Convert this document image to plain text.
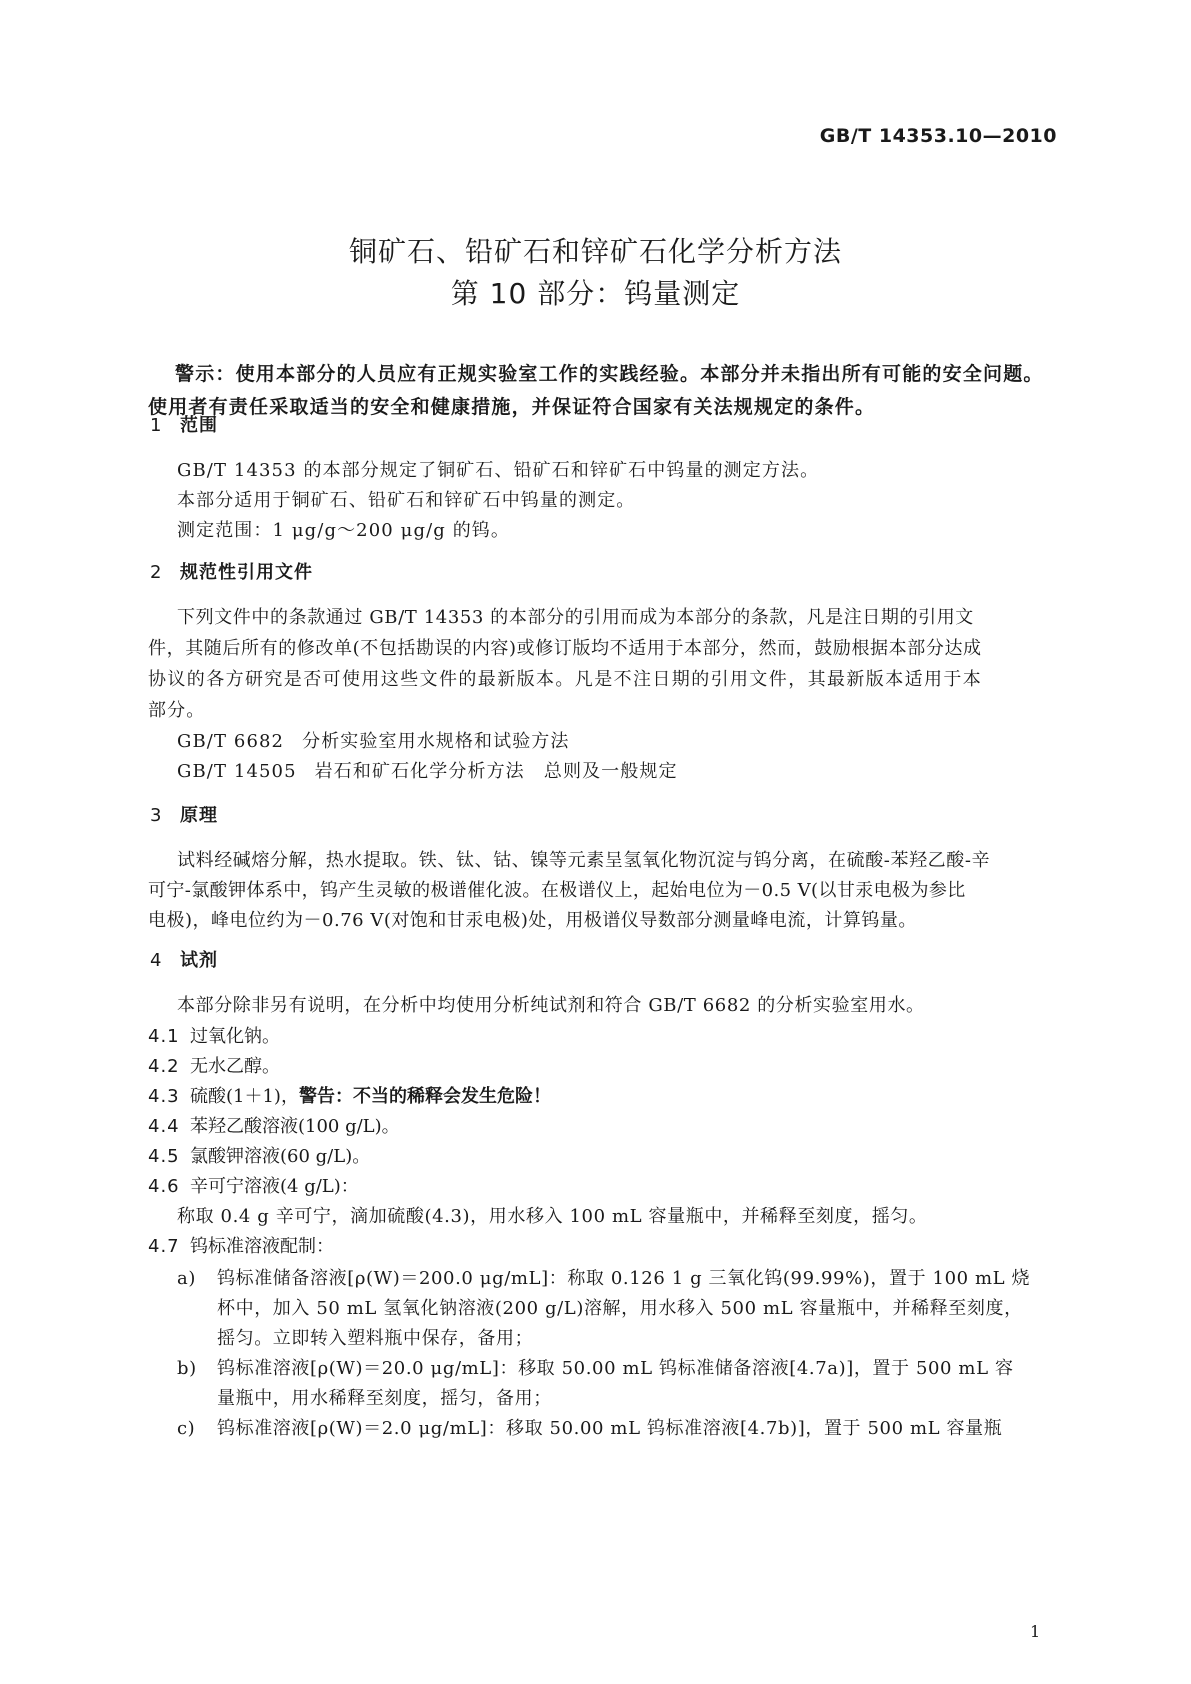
GB/T 14353.10—2010
铜矿石、铅矿石和锌矿石化学分析方法
第 10 部分：钨量测定
警示：使用本部分的人员应有正规实验室工作的实践经验。本部分并未指出所有可能的安全问题。
使用者有责任采取适当的安全和健康措施，并保证符合国家有关法规规定的条件。
1 范围
GB/T 14353 的本部分规定了铜矿石、铅矿石和锌矿石中钨量的测定方法。
本部分适用于铜矿石、铅矿石和锌矿石中钨量的测定。
测定范围：1 μg/g～200 μg/g 的钨。
2 规范性引用文件
下列文件中的条款通过 GB/T 14353 的本部分的引用而成为本部分的条款，凡是注日期的引用文
件，其随后所有的修改单(不包括勘误的内容)或修订版均不适用于本部分，然而，鼓励根据本部分达成
协议的各方研究是否可使用这些文件的最新版本。凡是不注日期的引用文件，其最新版本适用于本
部分。
GB/T 6682 分析实验室用水规格和试验方法
GB/T 14505 岩石和矿石化学分析方法　总则及一般规定
3 原理
试料经碱熔分解，热水提取。铁、钛、钴、镍等元素呈氢氧化物沉淀与钨分离，在硫酸-苯羟乙酸-辛
可宁-氯酸钾体系中，钨产生灵敏的极谱催化波。在极谱仪上，起始电位为－0.5 V(以甘汞电极为参比
电极)，峰电位约为－0.76 V(对饱和甘汞电极)处，用极谱仪导数部分测量峰电流，计算钨量。
4 试剂
本部分除非另有说明，在分析中均使用分析纯试剂和符合 GB/T 6682 的分析实验室用水。
4.1 过氧化钠。
4.2 无水乙醇。
4.3 硫酸(1＋1)，警告：不当的稀释会发生危险！
4.4 苯羟乙酸溶液(100 g/L)。
4.5 氯酸钾溶液(60 g/L)。
4.6 辛可宁溶液(4 g/L)：
称取 0.4 g 辛可宁，滴加硫酸(4.3)，用水移入 100 mL 容量瓶中，并稀释至刻度，摇匀。
4.7 钨标准溶液配制：
a) 钨标准储备溶液[ρ(W)＝200.0 μg/mL]：称取 0.126 1 g 三氧化钨(99.99%)，置于 100 mL 烧
杯中，加入 50 mL 氢氧化钠溶液(200 g/L)溶解，用水移入 500 mL 容量瓶中，并稀释至刻度，
摇匀。立即转入塑料瓶中保存，备用；
b) 钨标准溶液[ρ(W)＝20.0 μg/mL]：移取 50.00 mL 钨标准储备溶液[4.7a)]，置于 500 mL 容
量瓶中，用水稀释至刻度，摇匀，备用；
c) 钨标准溶液[ρ(W)＝2.0 μg/mL]：移取 50.00 mL 钨标准溶液[4.7b)]，置于 500 mL 容量瓶
1
